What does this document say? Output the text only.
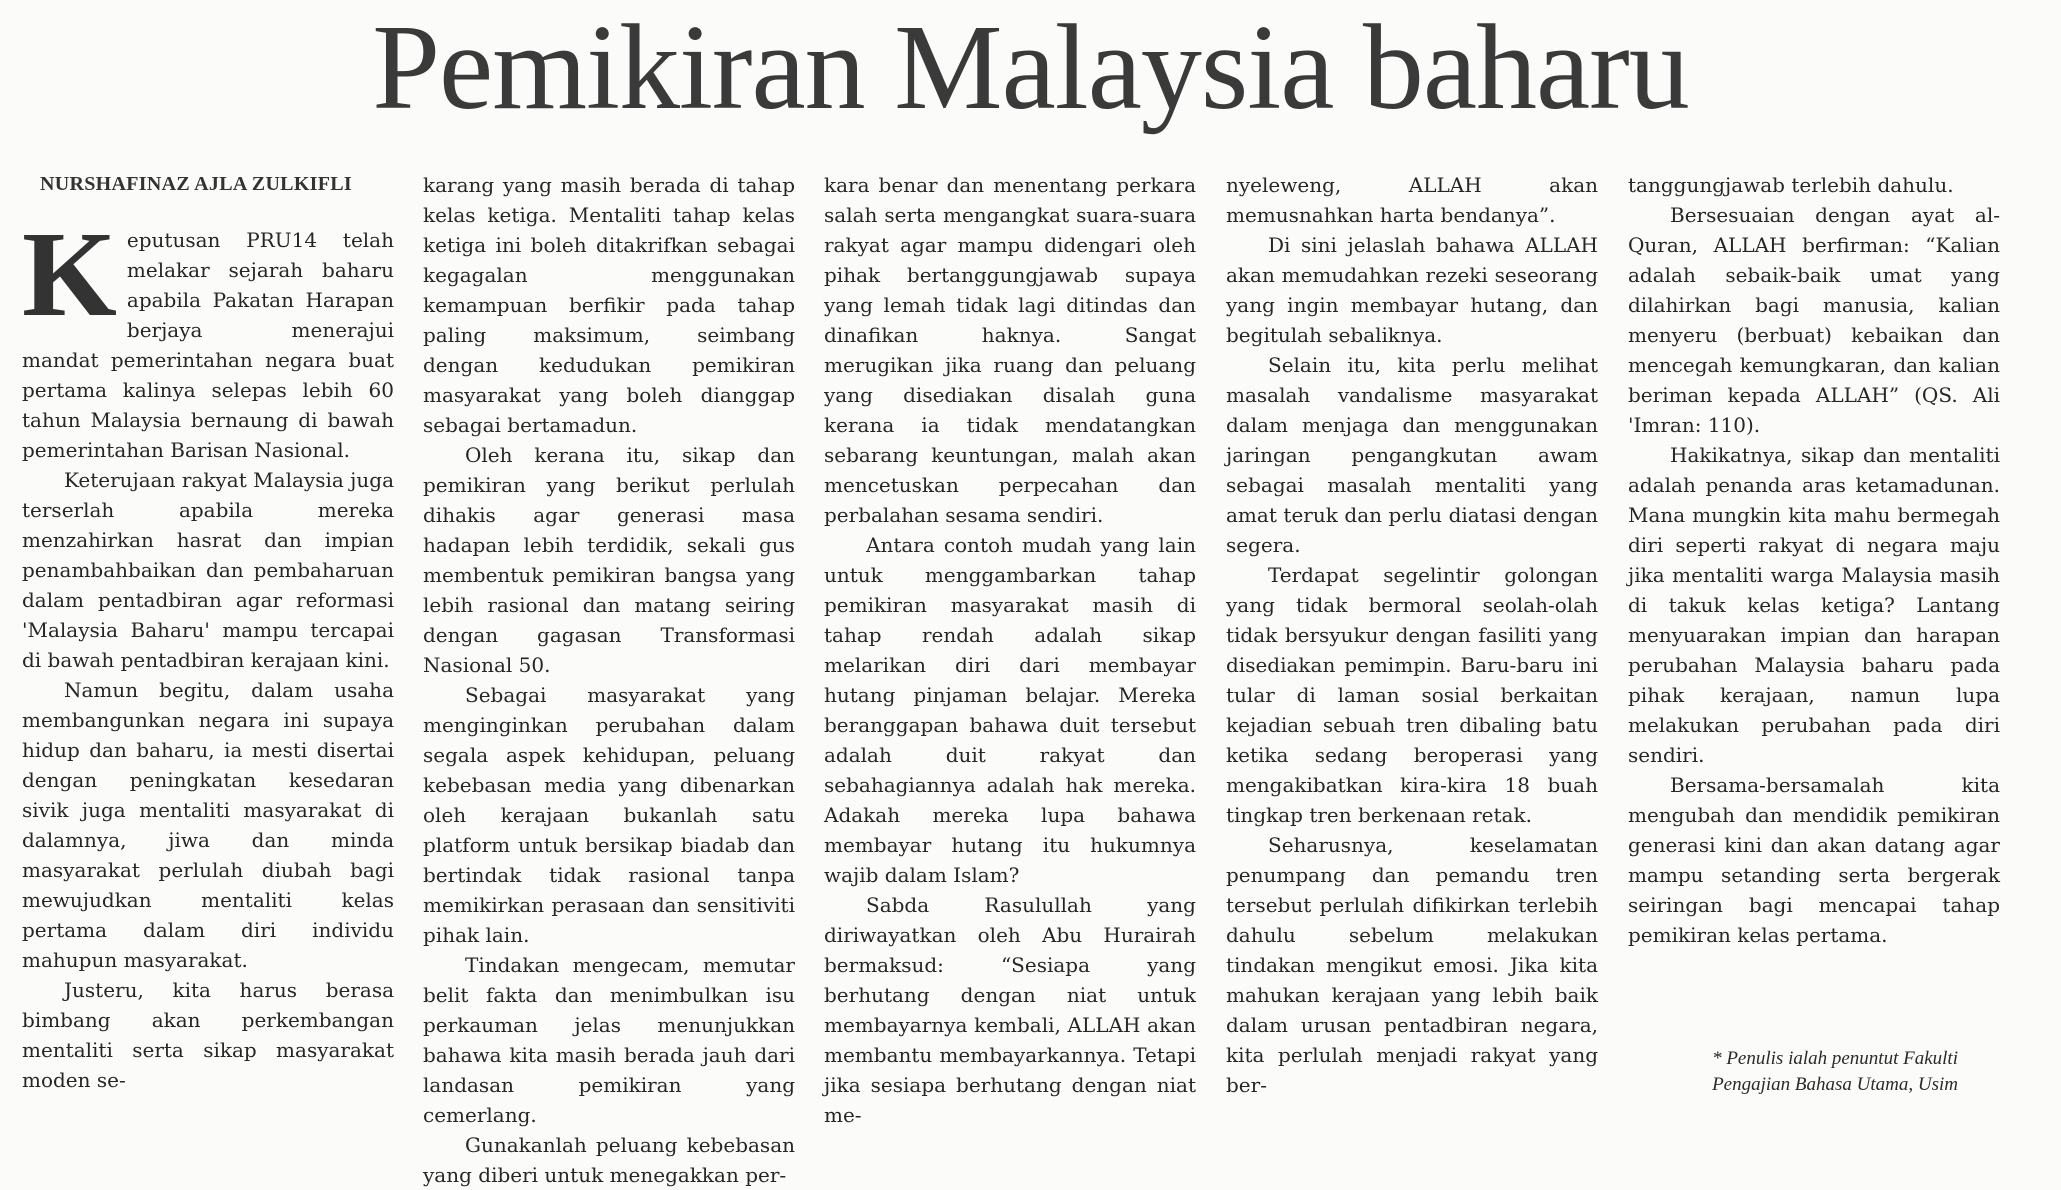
Pemikiran Malaysia baharu
NURSHAFINAZ AJLA ZULKIFLI

Keputusan PRU14 telah melakar sejarah baharu apabila Pakatan Harapan berjaya menerajui mandat pemerintahan negara buat pertama kalinya selepas lebih 60 tahun Malaysia bernaung di bawah pemerintahan Barisan Nasional.

Keterujaan rakyat Malaysia juga terserlah apabila mereka menzahirkan hasrat dan impian penambahbaikan dan pembaharuan dalam pentadbiran agar reformasi 'Malaysia Baharu' mampu tercapai di bawah pentadbiran kerajaan kini.

Namun begitu, dalam usaha membangunkan negara ini supaya hidup dan baharu, ia mesti disertai dengan peningkatan kesedaran sivik juga mentaliti masyarakat di dalamnya, jiwa dan minda masyarakat perlulah diubah bagi mewujudkan mentaliti kelas pertama dalam diri individu mahupun masyarakat.

Justeru, kita harus berasa bimbang akan perkembangan mentaliti serta sikap masyarakat moden se-

karang yang masih berada di tahap kelas ketiga. Mentaliti tahap kelas ketiga ini boleh ditakrifkan sebagai kegagalan menggunakan kemampuan berfikir pada tahap paling maksimum, seimbang dengan kedudukan pemikiran masyarakat yang boleh dianggap sebagai bertamadun.

Oleh kerana itu, sikap dan pemikiran yang berikut perlulah dihakis agar generasi masa hadapan lebih terdidik, sekali gus membentuk pemikiran bangsa yang lebih rasional dan matang seiring dengan gagasan Transformasi Nasional 50.

Sebagai masyarakat yang menginginkan perubahan dalam segala aspek kehidupan, peluang kebebasan media yang dibenarkan oleh kerajaan bukanlah satu platform untuk bersikap biadab dan bertindak tidak rasional tanpa memikirkan perasaan dan sensitiviti pihak lain.

Tindakan mengecam, memutar belit fakta dan menimbulkan isu perkauman jelas menunjukkan bahawa kita masih berada jauh dari landasan pemikiran yang cemerlang.

Gunakanlah peluang kebebasan yang diberi untuk menegakkan per-

kara benar dan menentang perkara salah serta mengangkat suara-suara rakyat agar mampu didengari oleh pihak bertanggungjawab supaya yang lemah tidak lagi ditindas dan dinafikan haknya. Sangat merugikan jika ruang dan peluang yang disediakan disalah guna kerana ia tidak mendatangkan sebarang keuntungan, malah akan mencetuskan perpecahan dan perbalahan sesama sendiri.

Antara contoh mudah yang lain untuk menggambarkan tahap pemikiran masyarakat masih di tahap rendah adalah sikap melarikan diri dari membayar hutang pinjaman belajar. Mereka beranggapan bahawa duit tersebut adalah duit rakyat dan sebahagiannya adalah hak mereka. Adakah mereka lupa bahawa membayar hutang itu hukumnya wajib dalam Islam?

Sabda Rasulullah yang diriwayatkan oleh Abu Hurairah bermaksud: “Sesiapa yang berhutang dengan niat untuk membayarnya kembali, ALLAH akan membantu membayarkannya. Tetapi jika sesiapa berhutang dengan niat me-

nyeleweng, ALLAH akan memusnahkan harta bendanya”.

Di sini jelaslah bahawa ALLAH akan memudahkan rezeki seseorang yang ingin membayar hutang, dan begitulah sebaliknya.

Selain itu, kita perlu melihat masalah vandalisme masyarakat dalam menjaga dan menggunakan jaringan pengangkutan awam sebagai masalah mentaliti yang amat teruk dan perlu diatasi dengan segera.

Terdapat segelintir golongan yang tidak bermoral seolah-olah tidak bersyukur dengan fasiliti yang disediakan pemimpin. Baru-baru ini tular di laman sosial berkaitan kejadian sebuah tren dibaling batu ketika sedang beroperasi yang mengakibatkan kira-kira 18 buah tingkap tren berkenaan retak.

Seharusnya, keselamatan penumpang dan pemandu tren tersebut perlulah difikirkan terlebih dahulu sebelum melakukan tindakan mengikut emosi. Jika kita mahukan kerajaan yang lebih baik dalam urusan pentadbiran negara, kita perlulah menjadi rakyat yang ber-

tanggungjawab terlebih dahulu.

Bersesuaian dengan ayat al-Quran, ALLAH berfirman: “Kalian adalah sebaik-baik umat yang dilahirkan bagi manusia, kalian menyeru (berbuat) kebaikan dan mencegah kemungkaran, dan kalian beriman kepada ALLAH” (QS. Ali 'Imran: 110).

Hakikatnya, sikap dan mentaliti adalah penanda aras ketamadunan. Mana mungkin kita mahu bermegah diri seperti rakyat di negara maju jika mentaliti warga Malaysia masih di takuk kelas ketiga? Lantang menyuarakan impian dan harapan perubahan Malaysia baharu pada pihak kerajaan, namun lupa melakukan perubahan pada diri sendiri.

Bersama-bersamalah kita mengubah dan mendidik pemikiran generasi kini dan akan datang agar mampu setanding serta bergerak seiringan bagi mencapai tahap pemikiran kelas pertama.

* Penulis ialah penuntut Fakulti
Pengajian Bahasa Utama, Usim
